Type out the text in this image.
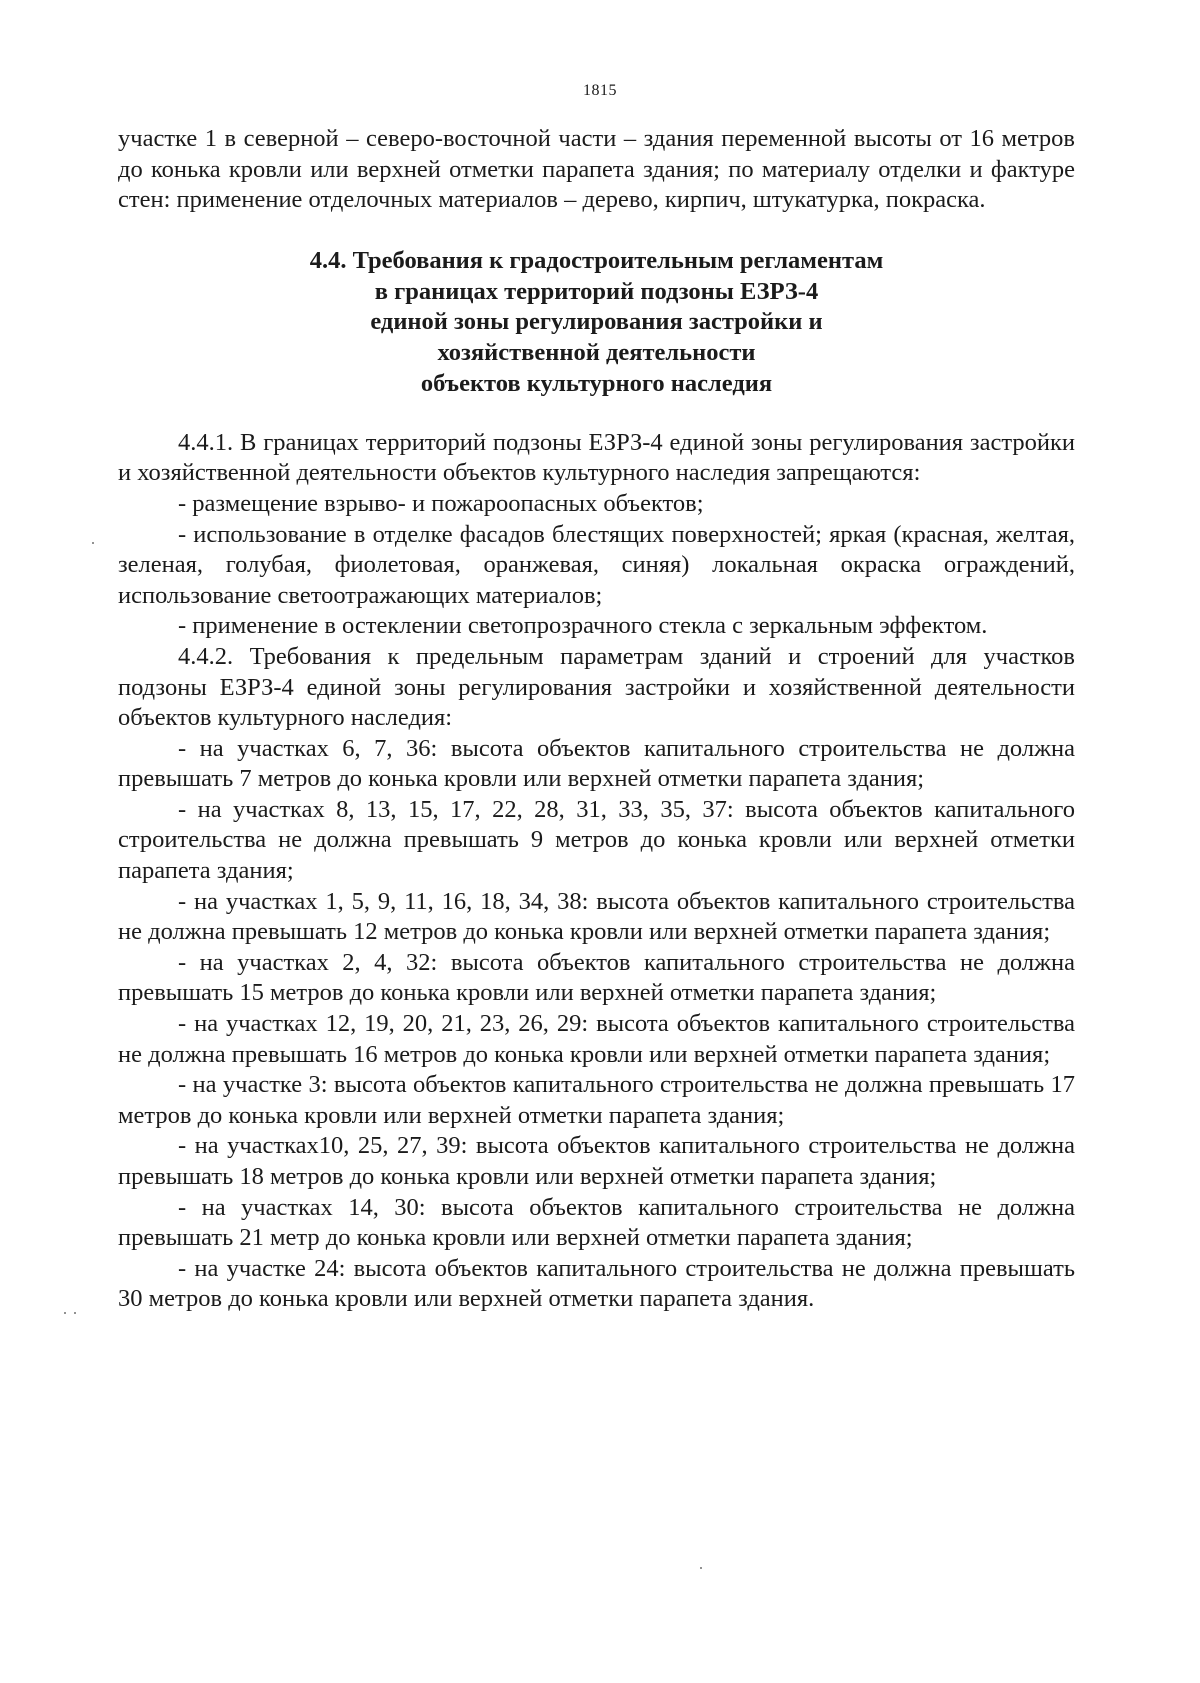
1815

участке 1 в северной – северо-восточной части – здания переменной высоты от 16 метров до конька кровли или верхней отметки парапета здания; по материалу отделки и фактуре стен: применение отделочных материалов – дерево, кирпич, штукатурка, покраска.

4.4. Требования к градостроительным регламентам
в границах территорий подзоны ЕЗРЗ-4
единой зоны регулирования застройки и
хозяйственной деятельности
объектов культурного наследия

4.4.1. В границах территорий подзоны ЕЗРЗ-4 единой зоны регулирования застройки и хозяйственной деятельности объектов культурного наследия запрещаются:

- размещение взрыво- и пожароопасных объектов;

- использование в отделке фасадов блестящих поверхностей; яркая (красная, желтая, зеленая, голубая, фиолетовая, оранжевая, синяя) локальная окраска ограждений, использование светоотражающих материалов;

- применение в остеклении светопрозрачного стекла с зеркальным эффектом.

4.4.2. Требования к предельным параметрам зданий и строений для участков подзоны ЕЗРЗ-4 единой зоны регулирования застройки и хозяйственной деятельности объектов культурного наследия:

- на участках 6, 7, 36: высота объектов капитального строительства не должна превышать 7 метров до конька кровли или верхней отметки парапета здания;

- на участках 8, 13, 15, 17, 22, 28, 31, 33, 35, 37: высота объектов капитального строительства не должна превышать 9 метров до конька кровли или верхней отметки парапета здания;

- на участках 1, 5, 9, 11, 16, 18, 34, 38: высота объектов капитального строительства не должна превышать 12 метров до конька кровли или верхней отметки парапета здания;

- на участках 2, 4, 32: высота объектов капитального строительства не должна превышать 15 метров до конька кровли или верхней отметки парапета здания;

- на участках 12, 19, 20, 21, 23, 26, 29: высота объектов капитального строительства не должна превышать 16 метров до конька кровли или верхней отметки парапета здания;

- на участке 3: высота объектов капитального строительства не должна превышать 17 метров до конька кровли или верхней отметки парапета здания;

- на участках10, 25, 27, 39: высота объектов капитального строительства не должна превышать 18 метров до конька кровли или верхней отметки парапета здания;

- на участках 14, 30: высота объектов капитального строительства не должна превышать 21 метр до конька кровли или верхней отметки парапета здания;

- на участке 24: высота объектов капитального строительства не должна превышать 30 метров до конька кровли или верхней отметки парапета здания.
